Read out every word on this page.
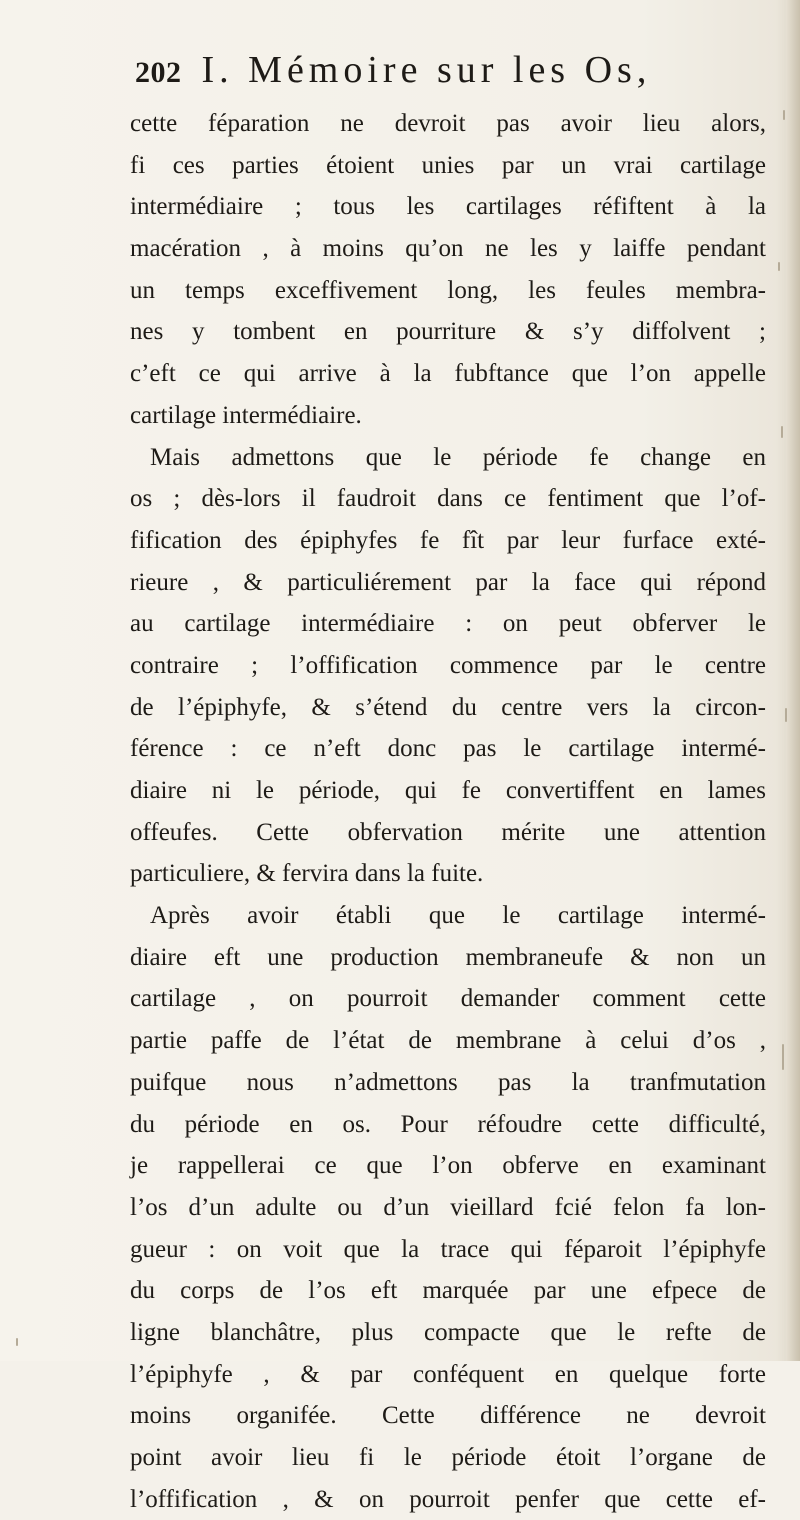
202 I. Mémoire sur les Os,
cette féparation ne devroit pas avoir lieu alors,
fi ces parties étoient unies par un vrai cartilage
intermédiaire ; tous les cartilages réfiftent à la
macération , à moins qu’on ne les y laiffe pendant
un temps exceffivement long, les feules membra-
nes y tombent en pourriture & s’y diffolvent ;
c’eft ce qui arrive à la fubftance que l’on appelle
cartilage intermédiaire.
Mais admettons que le période fe change en
os ; dès-lors il faudroit dans ce fentiment que l’of-
fification des épiphyfes fe fît par leur furface exté-
rieure , & particuliérement par la face qui répond
au cartilage intermédiaire : on peut obferver le
contraire ; l’offification commence par le centre
de l’épiphyfe, & s’étend du centre vers la circon-
férence : ce n’eft donc pas le cartilage intermé-
diaire ni le période, qui fe convertiffent en lames
offeufes. Cette obfervation mérite une attention
particuliere, & fervira dans la fuite.
Après avoir établi que le cartilage intermé-
diaire eft une production membraneufe & non un
cartilage , on pourroit demander comment cette
partie paffe de l’état de membrane à celui d’os ,
puifque nous n’admettons pas la tranfmutation
du période en os. Pour réfoudre cette difficulté,
je rappellerai ce que l’on obferve en examinant
l’os d’un adulte ou d’un vieillard fcié felon fa lon-
gueur : on voit que la trace qui féparoit l’épiphyfe
du corps de l’os eft marquée par une efpece de
ligne blanchâtre, plus compacte que le refte de
l’épiphyfe , & par conféquent en quelque forte
moins organifée. Cette différence ne devroit
point avoir lieu fi le période étoit l’organe de
l’offification , & on pourroit penfer que cette ef-
